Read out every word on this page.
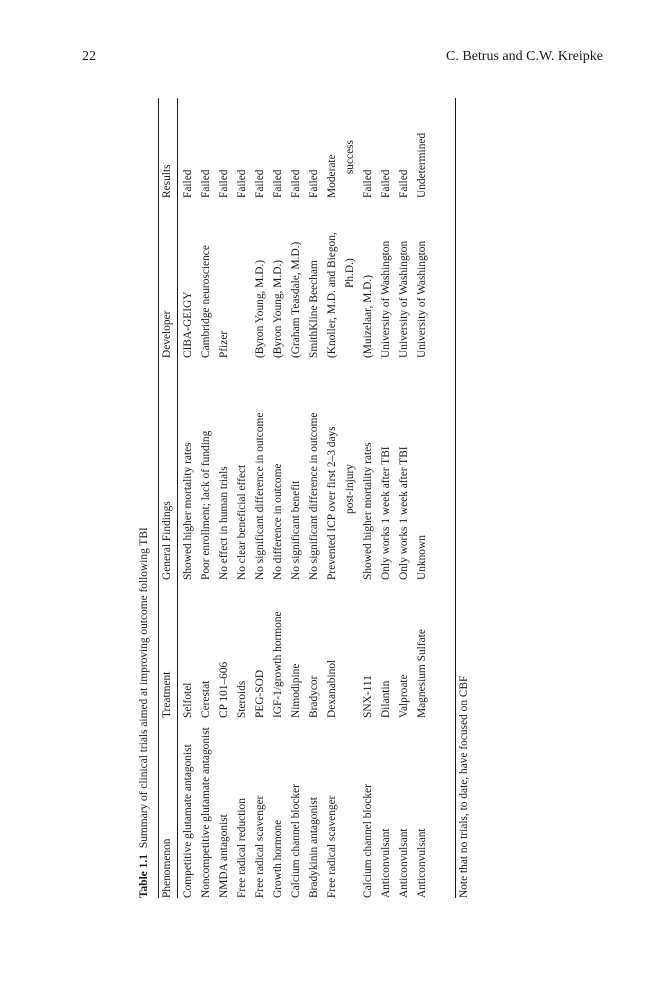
22	C. Betrus and C.W. Kreipke
Table 1.1Summary of clinical trials aimed at improving outcome following TBI
Phenomenon
Treatment
General Findings
Developer
Results
Competitive glutamate antagonist
Selfotel
Showed higher mortality rates
CIBA-GEIGY
Failed
Noncompetitive glutamate antagonist
Cerestat
Poor enrollment; lack of funding
Cambridge neuroscience
Failed
NMDA antagonist
CP 101–606
No effect in human trials
Pfizer
Failed
Free radical reduction
Steroids
No clear beneficial effect
Failed
Free radical scavenger
PEG-SOD
No significant difference in outcome
(Byron Young, M.D.)
Failed
Growth hormone
IGF-1/growth hormone
No difference in outcome
(Byron Young, M.D.)
Failed
Calcium channel blocker
Nimodipine
No significant benefit
(Graham Teasdale, M.D.)
Failed
Bradykinin antagonist
Bradycor
No significant difference in outcome
SmithKline Beecham
Failed
Free radical scavenger
Dexanabinol
Prevented ICP over first 2–3 days post-injury
(Knoller, M.D. and Biegon, Ph.D.)
Moderate success
Calcium channel blocker
SNX-111
Showed higher mortality rates
(Muizelaar, M.D.)
Failed
Anticonvulsant
Dilantin
Only works 1 week after TBI
University of Washington
Failed
Anticonvulsant
Valproate
Only works 1 week after TBI
University of Washington
Failed
Anticonvulsant
Magnesium Sulfate
Unknown
University of Washington
Undetermined
Note that no trials, to date, have focused on CBF
